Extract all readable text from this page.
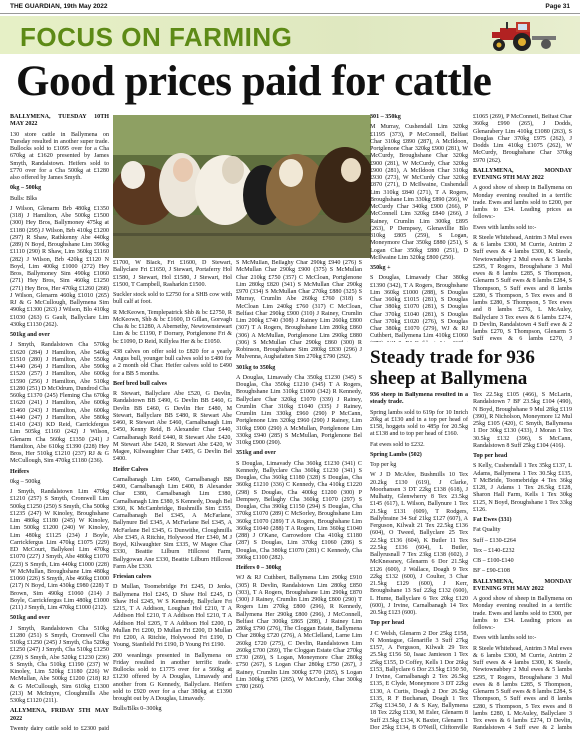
THE GUARDIAN, 19th May 2022	Page 31
FOCUS ON FARMING
Good prices paid for cattle

BALLYMENA, TUESDAY 10TH MAY 2022

130 store cattle in Ballymena on Tuesday resulted in another super trade. Bullocks sold to £1095 over for a Cha 670kg at £1620 presented by James Smyth, Randalstown. Heifers sold to £770 over for a Cha 500kg at £1280 also offered by James Smyth.

0kg – 500kg

Bulls: Blks

J Wilson, Glenarm Brb 480kg £1350 (318) J Hamilton, Abe 500kg £1500 (300) Hey Bros, Ballymoney 475kg at £1180 (295) J Wilson, Brb 410kg £1200 (297) R Shaw, Rathkenny Abe 440kg (289) N Boyd, Broughshane Lim 390kg £1110 (290) R Shaw, Lim 360kg £1160 (282) J Wilson, Brb 420kg £1120 N Boyd, Lim 400kg £1000 (272) Hey Bros, Ballymoney Sim 490kg £1060 (271) Hey Bros, Sim 460kg £1250 (271) Hey Bros, Her 470kg £1260 (268) J Wilson, Glenarm 460kg £1010 (265) RJ & G McCullough, Ballymena Sim 490kg £1300 (263) J Wilson, Blo 410kg £1030 (263) G Gault, Ballyclare Lim 430kg £1130 (262).

501kg and over

J Smyth, Randalstown Cha 570kg £1620 (284) J Hamilton, Abe 540kg £1510 (280) J Hamilton, Abe 550kg £1440 (264) J Hamilton, Abe 590kg £1520 (257) J Hamilton, Abe 600kg £1590 (256) J Hamilton, Abe 510kg £1280 (251) D McOdrum, Dundrod Cha 560kg £1370 (245) Fleming Cha 670kg £1620 (241) J Hamilton, Abe 600kg £1460 (243) J Hamilton, Abe 600kg £1440 (247) J Hamilton, Abe 580kg £1410 (243) KD Reid, Carrickfergus Lim 505kg £1160 (242) J Wilson, Glenarm Cha 560kg £1350 (241) J Hamilton, Abe 610kg £1390 (228) Hey Bros, Her 510kg £1210 (237) RJ & G McCullough, Sim 470kg £1180 (236).

Heifers

0kg – 500kg

J Smyth, Randalstown Lim 470kg £1210 (257) S Smyth, Cromwell Lim 500kg £1250 (250) S Smyth, Cha 500kg £1235 (247) W Kinoley, Broughshane Lim 480kg £1180 (245) W Kinoley, Lim 500kg £1200 (240) W Kinoley, Lim 480kg £1125 (234) J Boyle, Carrickfergus Lim 470kg £1075 (229) ED McCourt, Ballykeel Lim 470kg £1070 (227) J Smyth, Abe 480kg £1070 (223) S Smyth, Lim 440kg £1000 (228) W McMullan, Broughshane Lim 480kg £1060 (226) S Smyth, Abe 460kg £1000 (217) N Boyd, Lim 430kg £980 (228) T Brown, Sim 490kg £1060 (214) J Boyle, Carrickfergus Lim 480kg £1000 (211) J Smyth, Lim 470kg £1000 (212).

501kg and over

J Smyth, Randalstown Cha 510kg £1280 (251) S Smyth, Cromwell Cha 510kg £1250 (245) J Smyth, Cha 520kg £1250 (247) J Smyth, Cha 510kg £1250 (239) S Smyth, Abe 520kg £1230 (236) S Smyth, Cha 510kg £1190 (237) W Kinoley, Lim 520kg £1180 (226) W McMullan, Abe 500kg £1200 (218) RJ & G McCullough, Sim 610kg £1300 (213) M McIntyre, Cloughmills Abe 530kg £1120 (211).

ALLYMENA, FRIDAY 5TH MAY 2022

Twenty dairy cattle sold to £2300 paid

£1700, W Black, Fri £1600, D Stewart, Ballyclare Fri £1650, J Stewart, Portaferry Hol £1580, J Stewart, Hol £1580, J Stewart, Hol £1500, T Campbell, Rasharkin £1500.

Suckler stock sold to £2750 for a SHB cow with bull calf at foot.

R McKeown, Templepatrick Shb & bc £2750, R McKeown, Shb & bc £1600, D Gillan, Gorvagh Cha & bc £1280, A Abernethy, Newtownstewart Lim & bc £1190, F Dorrary, Portglenone Fri & bc £1090, D Reid, Killylea Her & bc £1050.

438 calves on offer sold to £820 for a yearly Angus bull, younger bull calves sold to £480 for a 2 month old Char. Heifer calves sold to £490 for a BB 5 months.

Beef bred bull calves

R Stewart, Ballyclare Abe £520, G Devlin, Randalstown BB £490, G Devlin BB £460, G Devlin BB £460, G Devlin Her £480, M Stewart, Ballyclare BB £480, R Stewart Abe £460, R Stewart Abe £460, Carnalbanagh Lim £450, Kenny Reid, B Alexander Char £440, Carnalbanagh Reid £440, R Stewart Abe £420, M Stewart Abe £420, R Stewart Abe £420, W Magee, Kilwaughter Char £405, G Devlin Bel £400.

Heifer Calves

Carnalbanagh Lim £490, Carnalbanagh BB £400, Carnalbanagh Lim £400, B Alexander Char £380, Carnalbanagh Lim £380, Carnalbanagh Lim £380, S Kennedy, Doagh Bel £360, K McCambridge, Bushmills Sim £355, Carnalbanagh Bel £345, A McFarlane, Ballynure Bel £345, A McFarlane Bel £345, A McFarlane Bel £345, G Dunwithe, Cloughmills Abe £345, A Ritchie, Holywood Her £340, M J Boyd, Kilwaughter Sim £335, W Magee Char £330, Beattie Lilburn Hillcrest Farm, Ballygowan Ane £330, Beattie Lilburn Hillcrest Farm Abe £330.

Friesian calves

D Mullan, Toomebridge Fri £245, D Jenks, Ballymena Hol £245, D Shaw Hol £245, D Shaw Hol £245, W S Kennedy, Ballyclare Fri £215, T A Addison, Loughan Hol £210, T A Addison Hol £210, T A Addison Hol £210, T A Addison Hol £205, T A Addison Hol £200, D Mullan Fri £200, D Mullan Fri £200, D Mullan Fri £200, A Ritchie, Holywood Fri £190, D Young, Stanfield Fri £190, D Young Fri £190.

200 weanlings presented in Ballymena on Friday resulted in another terrific trade. Bullocks sold to £1775 over for a 560kg at £1230 offered by A Douglas, Limavady and another from G Kennedy, Ballyclare. Heifers sold to £920 over for a char 380kg at £1390 brought out by A Douglas, Limavady.

Bulls/Blks 0–300kg

S McMullan, Bellaghy Char 290kg £940 (276) S McMullan Char 290kg £900 (375) S McMullan Char 210kg £750 (357) C McCloan, Portglenone Lim 280kg £820 (341) S McMullan Char 290kg £970 (334) S McMullan Char 270kg £880 (325) S Murray, Crumlin Abe 260kg £760 (318) S McCloan Lim 240kg £760 (317) C McCloan, Belfast Char 290kg £900 (310) J Rainey, Crumlin Lim 200kg £740 (308) J Rainey Lim 260kg £800 (307) T A Rogers, Broughshane Lim 280kg £860 (306) A McMullan, Portglenone Lim 290kg £880 (306) S McMullan Char 290kg £860 (300) R Robinson, Broughshane Sim 280kg £830 (296) J Mulvenna, Aughafatten Sim 270kg £790 (292).

301kg to 350kg

A Douglas, Limavady Cha 350kg £1230 (345) S Douglas, Cha 350kg £1210 (345) T A Rogers, Broughshane Lim 310kg £1060 (342) R Kennedy, Ballyclare Char 320kg £1070 (339) J Rainey, Crumlin Char 310kg £1040 (335) J Rainey, Crumlin Lim 330kg £960 (290) P McCann, Portglenone Lim 320kg £960 (290) J Rainey, Lim 310kg £900 (290) A McMullan, Portglenone Lim 330kg £940 (285) S McMullan, Portglenone Bel 310kg £900 (290).

351kg and over

S Douglas, Limavady Cha 360kg £1230 (341) C Kennedy, Ballyclare Cha 360kg £1230 (341) S Douglas, Cha 360kg £1180 (328) S Douglas, Cha 360kg £1210 (336) C Kennedy, Cha 410kg £1220 (298) S Douglas, Cha 400kg £1200 (300) P Dempsey, Bellaghy Cha 360kg £1070 (297) S Douglas, Cha 390kg £1150 (294) S Douglas, Cha 370kg £1070 (289) C McSorley, Broughshane Lim 360kg £1070 (289) T A Rogers, Broughshane Lim 360kg £1040 (288) T A Rogers, Lim 360kg £1040 (288) J O'Kane, Carrowdore Cha 410kg £1180 (287) S Douglas, Lim 370kg £1060 (286) S Douglas, Cha 380kg £1070 (281) C Kennedy, Cha 390kg £1100 (282).

Heifers 0 – 300kg

WJ & RJ Cuthbert, Ballymena Lim 290kg £910 (305) R Devlin, Randalstown Lim 280kg £850 (303), T A Rogers, Broughshane Lim 290kg £870 (300) J Rainey, Crumlin Lim 290kg £800 (290) T Rogers Lim 270kg £800 (296), R Kennedy, Ballymena Her 290kg £800 (296), J McConnell, Belfast Char 300kg £865 (288), J Rainey Lim 280kg £790 (276), The Cloggan Estate, Ballymena Char 280kg £720 (276), A McClelland, Larne Lim 260kg £720 (275), C Devlin, Randalstown Lim 260kg £700 (269), The Cloggan Estate Char 270kg £730 (269), S Logan, Moneymore Char 280kg £750 (267), S Logan Char 280kg £750 (267), J Rainey, Crumlin Lim 300kg £770 (265), S Logan Lim 300kg £795 (265), W McCurdy, Char 300kg £780 (260).

301 – 350kg

M Murray, Cushendall Lim 320kg £1195 (373), P McConnell, Belfast Char 310kg £890 (287), A McIldoon, Portglenone Char 320kg £900 (281), W McCurdy, Broughshane Char 320kg £900 (281), W McCurdy, Char 320kg £900 (281), A McIldoon Char 310kg £930 (273), W McCurdy Char 320kg £870 (271), D McIlwaine, Cushendall Lim 310kg £840 (271), T A Rogers, Broughshane Lim 330kg £890 (266), W McCurdy Char 340kg £900 (266), P McConnell Lim 320kg £840 (266), J Rainey, Crumlin Lim 300kg £895 (263), P Dempsey, Glenavillie Blo 310kg £805 (259), S Logan, Moneymore Char 350kg £880 (251), S Logan Char 350kg £880 (251), D McIlwaine Lim 320kg £800 (250).

350kg +

S Douglas, Limavady Char 380kg £1390 (342), T A Rogers, Broughshane Lim 360kg £1000 (288), S Douglas Char 360kg £1015 (281), S Douglas Char 380kg £1070 (281), S Douglas Char 370kg £1040 (281), S Douglas Char 370kg £1020 (276), S Douglas Char 380kg £1070 (279), WJ & RJ Cuthbert, Ballymena Lim 410kg £1060

£1065 (269), P McConnell, Belfast Char 360kg £990 (265), J Dodds, Glenarabery Lim 410kg £1080 (263), S Douglas Char 370kg £975 (262), J Dodds Lim 410kg £1075 (262), W McCurdy, Broughshane Char 370kg £970 (262).

BALLYMENA, MONDAY EVENING 9TH MAY 2022

A good show of sheep in Ballymena on Monday evening resulted in a terrific trade. Ewes and lambs sold to £200, per lambs to £34. Leading prices as follows:-

Ewes with lambs sold to:-

R Steele Whitehead, Antrim 3 Mul ewes & 6 lambs £300, M Currie, Antrim 2 Suff ewes & 4 lambs £300, K Steele, Newtownabbey 2 Mul ewes & 5 lambs £295, T Rogers, Broughshane 3 Mul ewes & 8 lambs £285, S Thompson, Glenarm 5 Suff ewes & 8 lambs £284, S Thompson, 5 Suff ewes and 8 lambs £280, S Thompson, 5 Tex ewes and 8 lambs £280, S Thompson, 5 Tex ewes and 8 lambs £276, L McAuley, Ballyclare 3 Tex ewes & 6 lambs £274, D Devlin, Randalstown 4 Suff ewe & 2 lambs £270, S Thompson, Glenarm 5 Suff ewes & 6 lambs £270, J

Steady trade for 936 sheep at Ballymena

936 sheep in Ballymena resulted in a steady trade.

Spring lambs sold to 619p for 10 Inrich 20kg at £130 and in a top per head of £158, hoggets sold to 485p for 20.5kg at £138 and to top per head of £160.

Fat ewes sold to £232.

Spring Lambs (502)

Top per kg

W J D McAfee, Bushmills 10 Tex 20.2kg £130 (619), J Clarke, Moorhansen 3 DT 22kg £138 (618), J Mulhatty, Glenwherry 8 Tex 23.5kg £145 (617), L Wilson, Ballynure 1 Tex 21.5kg £131 (609), T Rodgers, Ballybraine 34 Suf 21kg £127 (607), A Ferguson, Kilwalt 21 Tex 22.5kg £136 (604), O Tweed, Ballyclare 25 Tex 22.5kg £136 (604), K Butler 11 Tex 22.5kg £136 (604), L Butler, Ballyrusnall 7 Tex 23kg £138 (602), J McKnessney, Glenarm 6 Dor 21.5kg £126 (600), J Wallace, Doagh 9 Tex 22kg £132 (600), J Coulter, 3 Char 21.5kg £129 (600), J Kerr, Broughshane 13 Suf 22kg £132 (600), L Hume, Ballyclare 6 Tex 20kg £120 (600), J Irvine, Carnalbanagh 14 Tex 20.5kg £123 (600).

Top per head

J C Welsh, Glenarm 2 Dor 25kg £158, N Montague, Glenarifle 3 Suff 27kg £157, A Ferguson, Kilwalt 29 Tex 25.5kg £156 50, Isaac Jamieson 1 Tex 25kg £155, D Coffey, Kells 1 Dor 26kg £153, Ballyclare 6 Dor 23.5kg £150 50, J Irvine, Carnalbanagh 2 Tex 26.5kg £135, E Clyde, Moneymore 3 DT 22kg £130, A Curtis, Doagh 2 Dor 26.5kg £135, R F Buchanan, Doagh 1 Tex 27kg £134.50, J & S Kay, Ballymena 18 Tex 22kg £130, M Esler, Glenarm 8 Suff 23.5kg £134, K Baxter, Glenarm 1 Dor 25kg £134, B O'Neill, Cliftonville

Tex 22.5kg £105 (466), S McLarin, Randalstown 7 BF 23.5kg £104 (490), N Boyd, Broughshane 9 Mul 28kg £119 (390), R Nicholson, Moneymore 12 Mul 25kg £105 (420), C Smyth, Ballymena 1 Dor 30kg £130 (433), J Moran 1 Tex 30.5kg £132 (396), S McCann, Randalstown 8 Suff 25kg £104 (416).

Top per head

S Kelly, Cushendall 1 Tex 35kg £137, L Adams, Ballymena 1 Tex 30.5kg £135, T McBride, Toomebridge 4 Tex 36kg £128, J Adams 1 Tex 26.5kg £128, Sharon Hall Farm, Kells 1 Tex 30kg £125, N Boyd, Broughshane 1 Tex 33kg £126.

Fat Ewes (331)

Fat Quality

Suff – £130-£264

Tex – £140-£232

CB – £100-£140

BF – £90-£108

BALLYMENA, MONDAY EVENING 9TH MAY 2022

A good show of sheep in Ballymena on Monday evening resulted in a terrific trade. Ewes and lambs sold to £300, per lambs to £34. Leading prices as follows:-

Ewes with lambs sold to:-

R Steele Whitehead, Antrim 3 Mul ewes & 6 lambs £300, M Currie, Antrim 2 Suff ewes & 4 lambs £300, K Steele, Newtownabbey 2 Mul ewes & 5 lambs £295, T Rogers, Broughshane 3 Mul ewes & 8 lambs £285, S Thompson, Glenarm 5 Suff ewes & 8 lambs £284, S Thompson, 5 Suff ewes and 8 lambs £280, S Thompson, 5 Tex ewes and 8 lambs £280, L McAuley, Ballyclare 3 Tex ewes & 6 lambs £274, D Devlin, Randalstown 4 Suff ewe & 2 lambs
